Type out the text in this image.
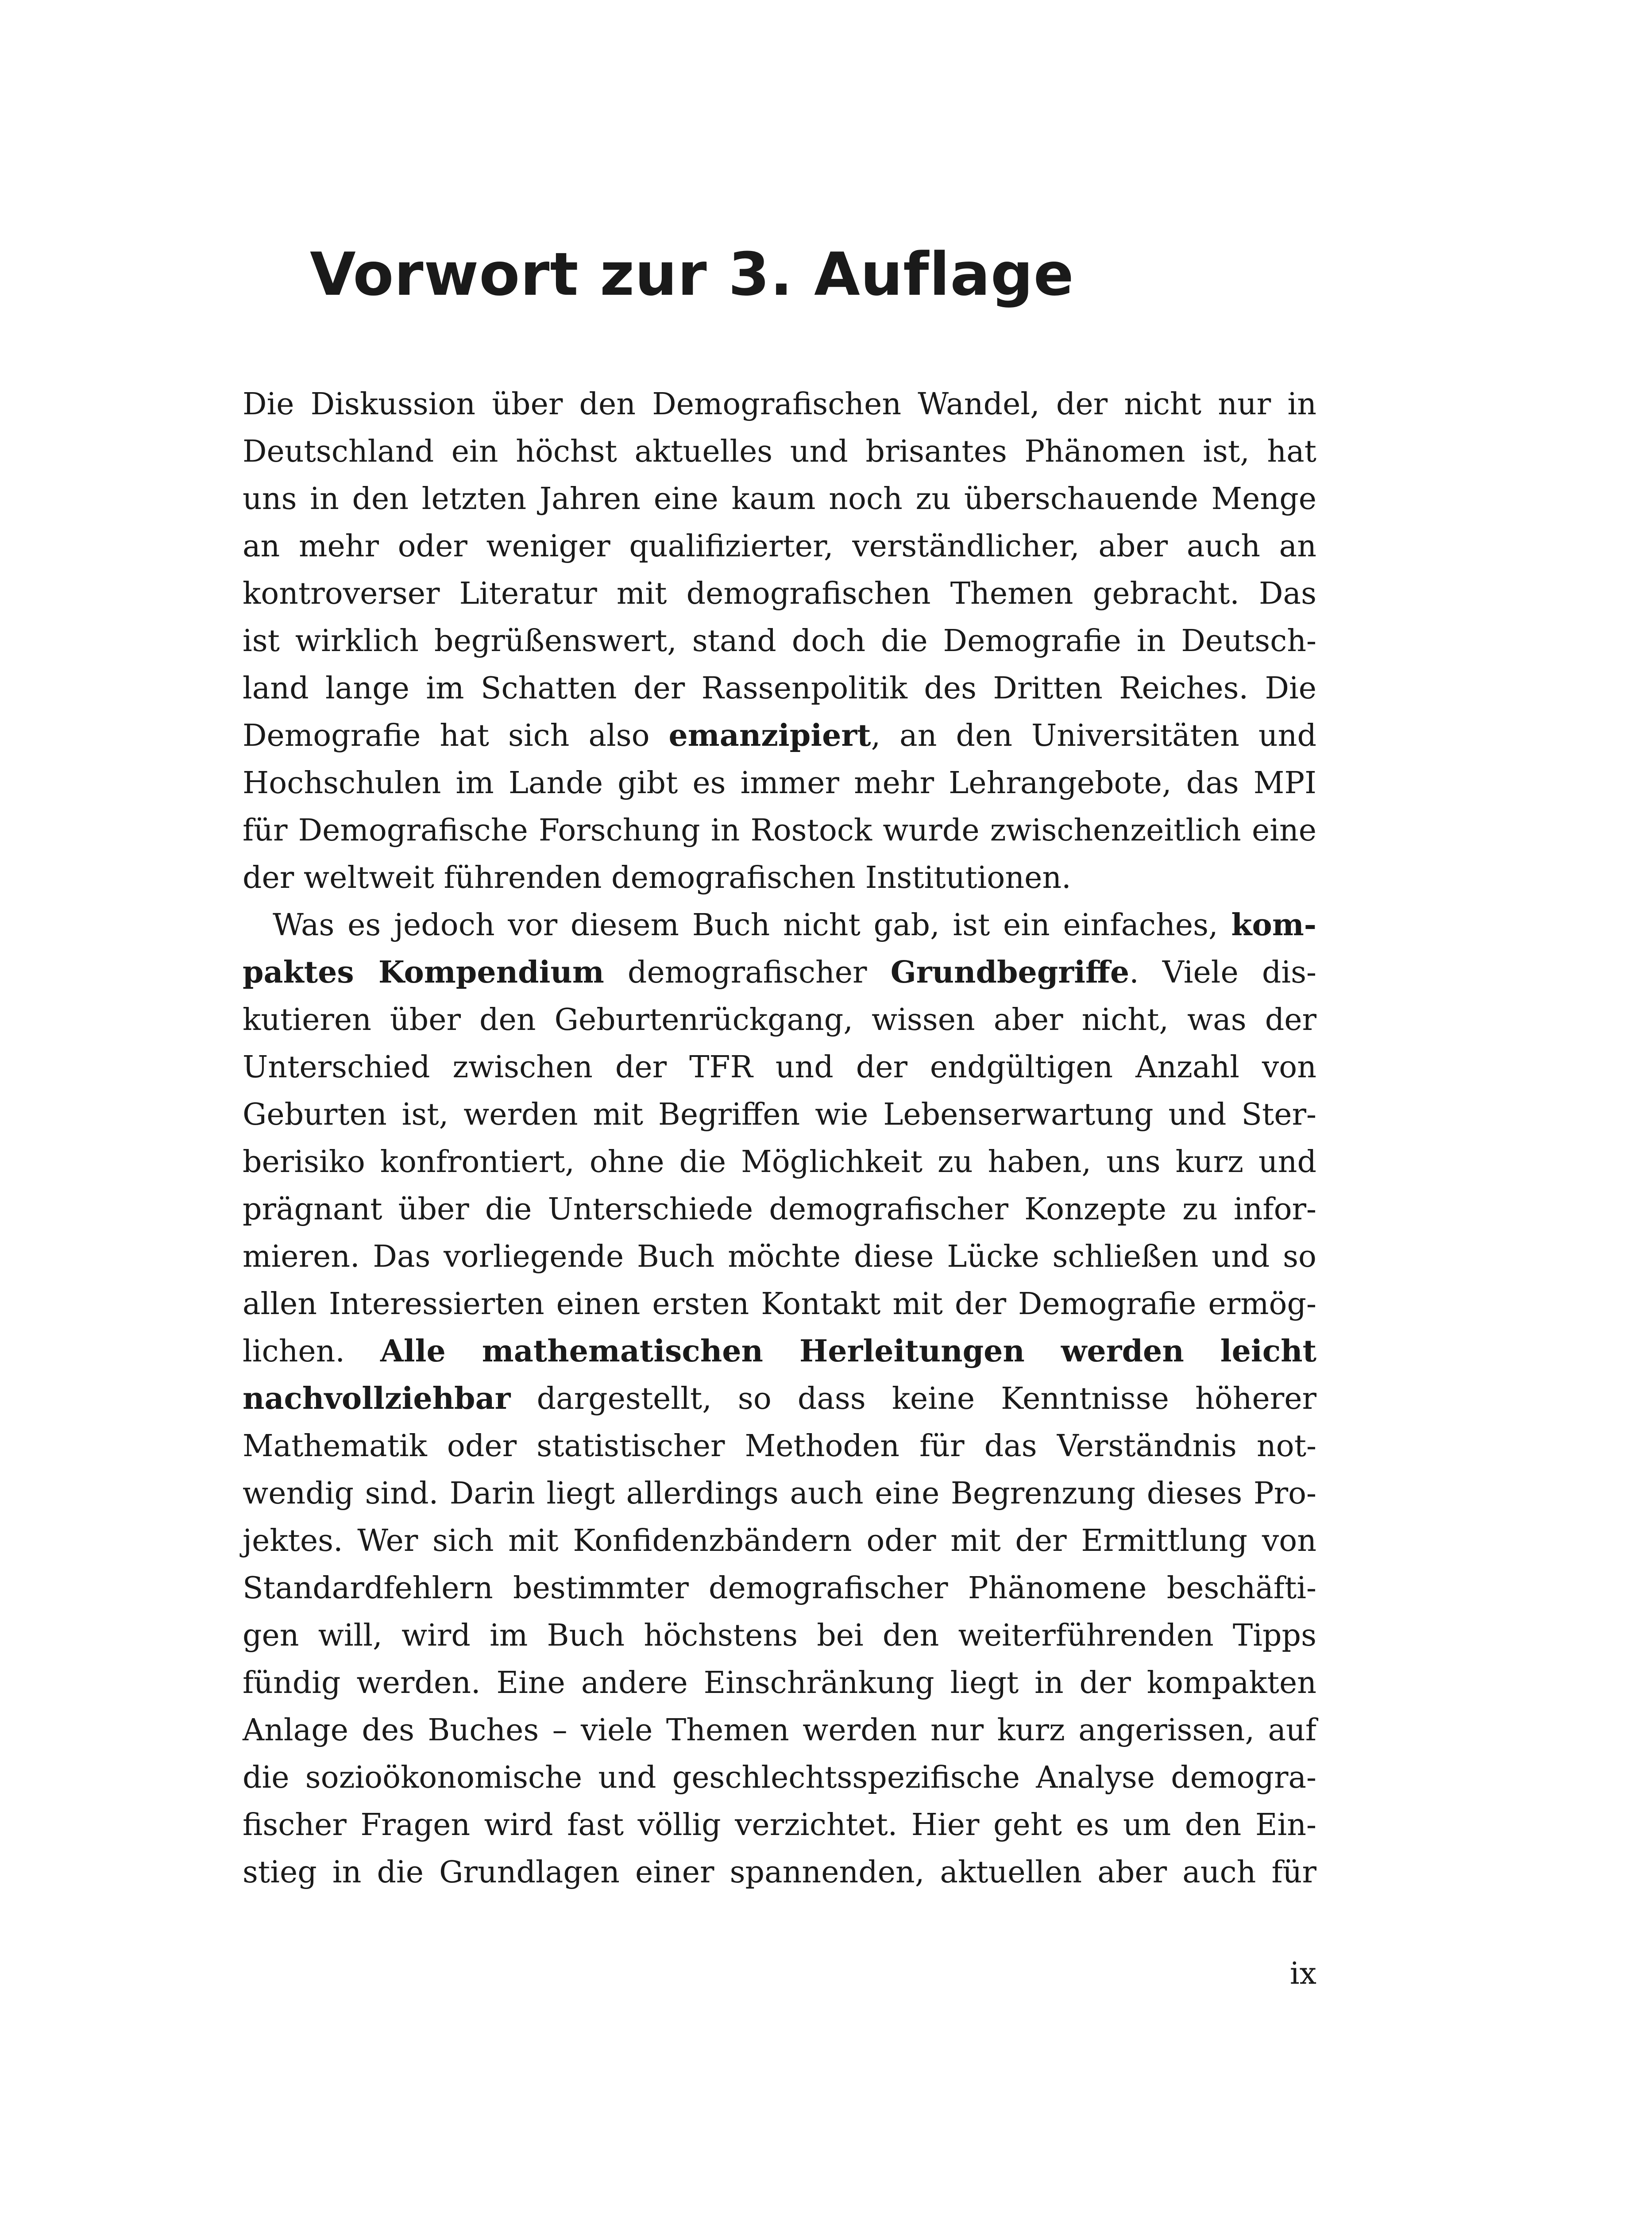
Vorwort zur 3. Auflage
Die Diskussion über den Demografischen Wandel, der nicht nur in
Deutschland ein höchst aktuelles und brisantes Phänomen ist, hat
uns in den letzten Jahren eine kaum noch zu überschauende Menge
an mehr oder weniger qualifizierter, verständlicher, aber auch an
kontroverser Literatur mit demografischen Themen gebracht. Das
ist wirklich begrüßenswert, stand doch die Demografie in Deutsch-
land lange im Schatten der Rassenpolitik des Dritten Reiches. Die
Demografie hat sich also emanzipiert, an den Universitäten und
Hochschulen im Lande gibt es immer mehr Lehrangebote, das MPI
für Demografische Forschung in Rostock wurde zwischenzeitlich eine
der weltweit führenden demografischen Institutionen.
Was es jedoch vor diesem Buch nicht gab, ist ein einfaches, kom-
paktes Kompendium demografischer Grundbegriffe. Viele dis-
kutieren über den Geburtenrückgang, wissen aber nicht, was der
Unterschied zwischen der TFR und der endgültigen Anzahl von
Geburten ist, werden mit Begriffen wie Lebenserwartung und Ster-
berisiko konfrontiert, ohne die Möglichkeit zu haben, uns kurz und
prägnant über die Unterschiede demografischer Konzepte zu infor-
mieren. Das vorliegende Buch möchte diese Lücke schließen und so
allen Interessierten einen ersten Kontakt mit der Demografie ermög-
lichen. Alle mathematischen Herleitungen werden leicht
nachvollziehbar dargestellt, so dass keine Kenntnisse höherer
Mathematik oder statistischer Methoden für das Verständnis not-
wendig sind. Darin liegt allerdings auch eine Begrenzung dieses Pro-
jektes. Wer sich mit Konfidenzbändern oder mit der Ermittlung von
Standardfehlern bestimmter demografischer Phänomene beschäfti-
gen will, wird im Buch höchstens bei den weiterführenden Tipps
fündig werden. Eine andere Einschränkung liegt in der kompakten
Anlage des Buches – viele Themen werden nur kurz angerissen, auf
die sozioökonomische und geschlechtsspezifische Analyse demogra-
fischer Fragen wird fast völlig verzichtet. Hier geht es um den Ein-
stieg in die Grundlagen einer spannenden, aktuellen aber auch für
ix
